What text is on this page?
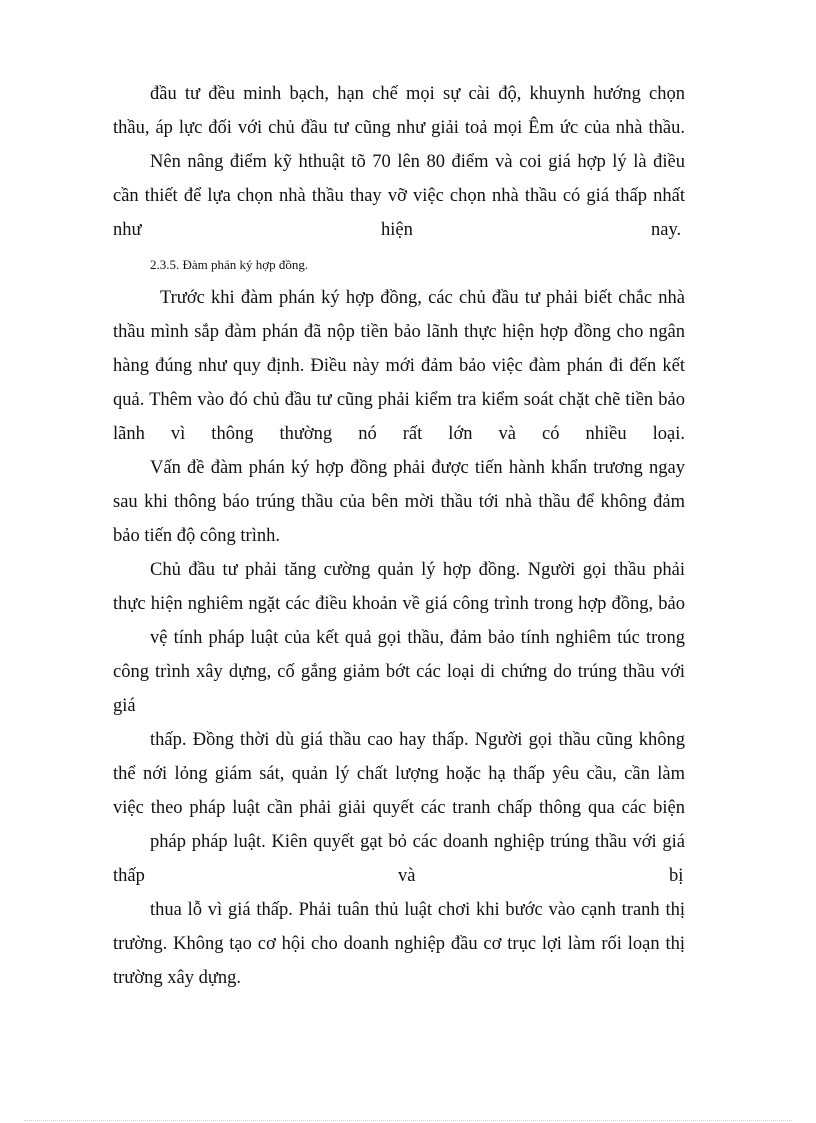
đầu tư đều minh bạch, hạn chế mọi sự cài độ, khuynh hướng chọn
thầu, áp lực đối với chủ đầu tư cũng như giải toả mọi Êm ức của nhà thầu.
Nên nâng điểm kỹ hthuật tõ 70 lên 80 điểm và coi giá hợp lý là điều
cần thiết để lựa chọn nhà thầu thay vỡ việc chọn nhà thầu có giá thấp nhất
như	hiện	nay.
2.3.5. Đàm phán ký hợp đồng.
Trước khi đàm phán ký hợp đồng, các chủ đầu tư phải biết chắc nhà
thầu mình sắp đàm phán đã nộp tiền bảo lãnh thực hiện hợp đồng cho ngân
hàng đúng như quy định. Điều này mới đảm bảo việc đàm phán đi đến kết
quả. Thêm vào đó chủ đầu tư cũng phải kiểm tra kiểm soát chặt chẽ tiền bảo
lãnh vì thông thường nó rất lớn và có nhiều loại.
Vấn đề đàm phán ký hợp đồng phải được tiến hành khẩn trương ngay
sau khi thông báo trúng thầu của bên mời thầu tới nhà thầu để không đảm
bảo tiến độ công trình.
Chủ đầu tư phải tăng cường quản lý hợp đồng. Người gọi thầu phải
thực hiện nghiêm ngặt các điều khoản về giá công trình trong hợp đồng, bảo
vệ tính pháp luật của kết quả gọi thầu, đảm bảo tính nghiêm túc trong
công trình xây dựng, cố gắng giảm bớt các loại di chứng do trúng thầu với
giá
thấp. Đồng thời dù giá thầu cao hay thấp. Người gọi thầu cũng không
thể nới lỏng giám sát, quản lý chất lượng hoặc hạ thấp yêu cầu, cần làm
việc theo pháp luật cần phải giải quyết các tranh chấp thông qua các biện
pháp pháp luật. Kiên quyết gạt bỏ các doanh nghiệp trúng thầu với giá
thấp	và	bị
thua lỗ vì giá thấp. Phải tuân thủ luật chơi khi bước vào cạnh tranh thị
trường. Không tạo cơ hội cho doanh nghiệp đầu cơ trục lợi làm rối loạn thị
trường xây dựng.
